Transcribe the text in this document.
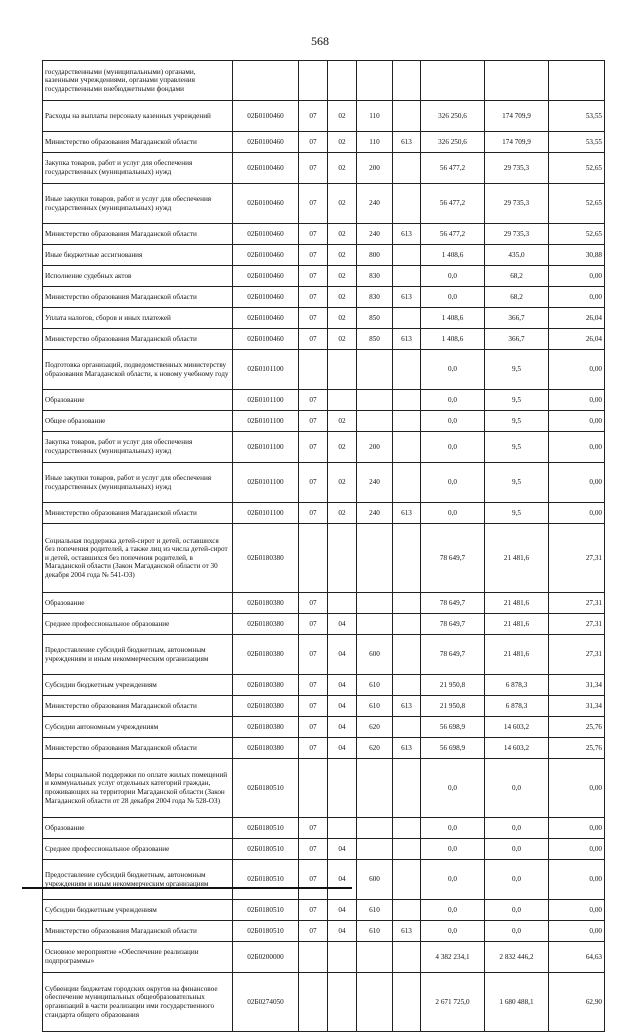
568
государственными (муниципальными) органами, казенными учреждениями, органами управления государственными внебюджетными фондами								
Расходы на выплаты персоналу казенных учреждений	02Б0100460	07	02	110		326 250,6	174 709,9	53,55
Министерство образования Магаданской области	02Б0100460	07	02	110	613	326 250,6	174 709,9	53,55
Закупка товаров, работ и услуг для обеспечения государственных (муниципальных) нужд	02Б0100460	07	02	200		56 477,2	29 735,3	52,65
Иные закупки товаров, работ и услуг для обеспечения государственных (муниципальных) нужд	02Б0100460	07	02	240		56 477,2	29 735,3	52,65
Министерство образования Магаданской области	02Б0100460	07	02	240	613	56 477,2	29 735,3	52,65
Иные бюджетные ассигнования	02Б0100460	07	02	800		1 408,6	435,0	30,88
Исполнение судебных актов	02Б0100460	07	02	830		0,0	68,2	0,00
Министерство образования Магаданской области	02Б0100460	07	02	830	613	0,0	68,2	0,00
Уплата налогов, сборов и иных платежей	02Б0100460	07	02	850		1 408,6	366,7	26,04
Министерство образования Магаданской области	02Б0100460	07	02	850	613	1 408,6	366,7	26,04
Подготовка организаций, подведомственных министерству образования Магаданской области, к новому учебному году	02Б0101100					0,0	9,5	0,00
Образование	02Б0101100	07				0,0	9,5	0,00
Общее образование	02Б0101100	07	02			0,0	9,5	0,00
Закупка товаров, работ и услуг для обеспечения государственных (муниципальных) нужд	02Б0101100	07	02	200		0,0	9,5	0,00
Иные закупки товаров, работ и услуг для обеспечения государственных (муниципальных) нужд	02Б0101100	07	02	240		0,0	9,5	0,00
Министерство образования Магаданской области	02Б0101100	07	02	240	613	0,0	9,5	0,00
Социальная поддержка детей-сирот и детей, оставшихся без попечения родителей, а также лиц из числа детей-сирот и детей, оставшихся без попечения родителей, в Магаданской области (Закон Магаданской области от 30 декабря 2004 года № 541-ОЗ)	02Б0180380					78 649,7	21 481,6	27,31
Образование	02Б0180380	07				78 649,7	21 481,6	27,31
Среднее профессиональное образование	02Б0180380	07	04			78 649,7	21 481,6	27,31
Предоставление субсидий бюджетным, автономным учреждениям и иным некоммерческим организациям	02Б0180380	07	04	600		78 649,7	21 481,6	27,31
Субсидии бюджетным учреждениям	02Б0180380	07	04	610		21 950,8	6 878,3	31,34
Министерство образования Магаданской области	02Б0180380	07	04	610	613	21 950,8	6 878,3	31,34
Субсидии автономным учреждениям	02Б0180380	07	04	620		56 698,9	14 603,2	25,76
Министерство образования Магаданской области	02Б0180380	07	04	620	613	56 698,9	14 603,2	25,76
Меры социальной поддержки по оплате жилых помещений и коммунальных услуг отдельных категорий граждан, проживающих на территории Магаданской области (Закон Магаданской области от 28 декабря 2004 года № 528-ОЗ)	02Б0180510					0,0	0,0	0,00
Образование	02Б0180510	07				0,0	0,0	0,00
Среднее профессиональное образование	02Б0180510	07	04			0,0	0,0	0,00
Предоставление субсидий бюджетным, автономным учреждениям и иным некоммерческим организациям	02Б0180510	07	04	600		0,0	0,0	0,00
Субсидии бюджетным учреждениям	02Б0180510	07	04	610		0,0	0,0	0,00
Министерство образования Магаданской области	02Б0180510	07	04	610	613	0,0	0,0	0,00
Основное мероприятие «Обеспечение реализации подпрограммы»	02Б0200000					4 382 234,1	2 832 446,2	64,63
Субвенции бюджетам городских округов на финансовое обеспечение муниципальных общеобразовательных организаций в части реализации ими государственного стандарта общего образования	02Б0274050					2 671 725,0	1 680 488,1	62,90
